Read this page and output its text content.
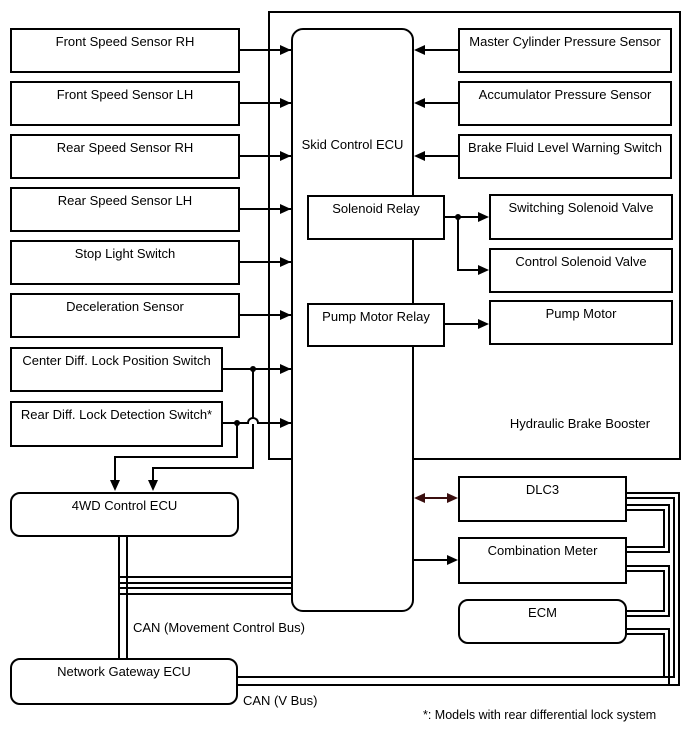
Skid Control ECU
Front Speed Sensor RH
Front Speed Sensor LH
Rear Speed Sensor RH
Rear Speed Sensor LH
Stop Light Switch
Deceleration Sensor
Center Diff. Lock Position Switch
Rear Diff. Lock Detection Switch*
Master Cylinder Pressure Sensor
Accumulator Pressure Sensor
Brake Fluid Level Warning Switch
Switching Solenoid Valve
Control Solenoid Valve
Pump Motor
Solenoid Relay
Pump Motor Relay
Hydraulic Brake Booster
DLC3
Combination Meter
ECM
4WD Control ECU
Network Gateway ECU
CAN (Movement Control Bus)
CAN (V Bus)
*: Models with rear differential lock system
